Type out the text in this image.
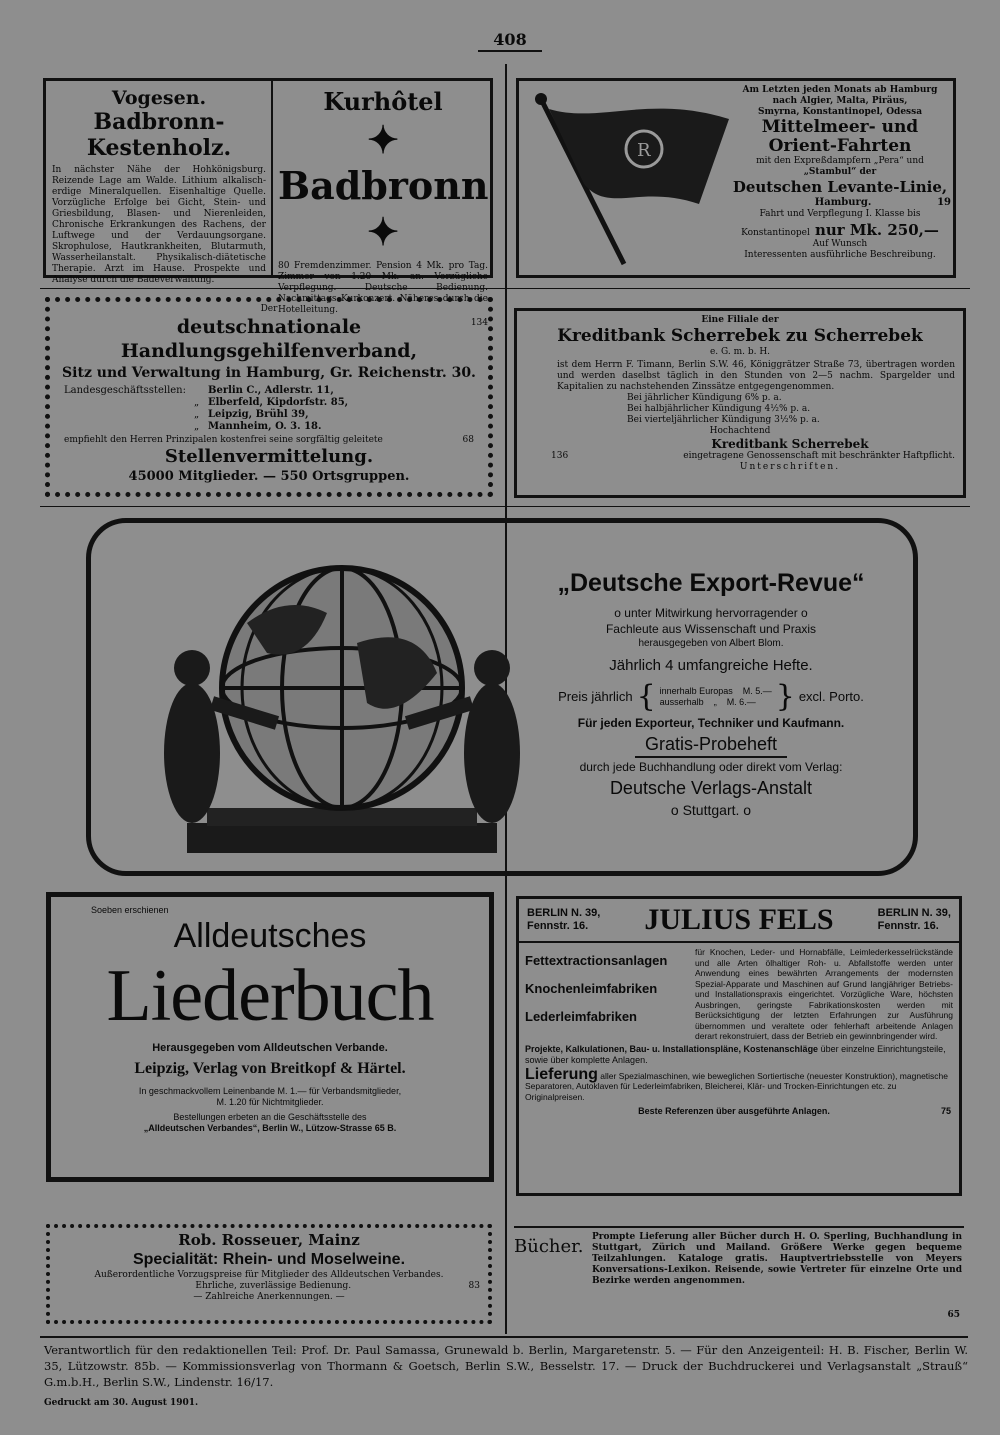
408
Vogesen.
Badbronn-Kestenholz.
In nächster Nähe der Hohkönigsburg. Reizende Lage am Walde. Lithium alkalisch-erdige Mineralquellen. Eisenhaltige Quelle. Vorzügliche Erfolge bei Gicht, Stein- und Griesbildung, Blasen- und Nierenleiden, Chronische Erkrankungen des Rachens, der Luftwege und der Verdauungsorgane. Skrophulose, Hautkrankheiten, Blutarmuth, Wasserheilanstalt. Physikalisch-diätetische Therapie. Arzt im Hause. Prospekte und Analyse durch die Badeverwaltung.
Kurhôtel
✦ Badbronn ✦
80 Fremdenzimmer. Pension 4 Mk. pro Tag. Zimmer von 1.20 Mk. an. Vorzügliche Verpflegung. Deutsche Bedienung. Nachmittags Kurkonzert. Näheres durch die Hotelleitung.
134
R
Am Letzten jeden Monats ab Hamburg
nach Algier, Malta, Piräus,
Smyrna, Konstantinopel, Odessa
Mittelmeer- und
Orient-Fahrten
mit den Expreßdampfern „Pera“ und
„Stambul“ der
Deutschen Levante-Linie,
Hamburg.	19
Fahrt und Verpflegung I. Klasse bis
Konstantinopel nur Mk. 250,—
Auf Wunsch
Interessenten ausführliche Beschreibung.
Der
deutschnationale Handlungsgehilfenverband,
Sitz und Verwaltung in Hamburg, Gr. Reichenstr. 30.
Landesgeschäftsstellen:	Berlin C., Adlerstr. 11,
„ Elberfeld, Kipdorfstr. 85,
„ Leipzig, Brühl 39,
„ Mannheim, O. 3. 18.
empfiehlt den Herren Prinzipalen kostenfrei seine sorgfältig geleitete	68
Stellenvermittelung.
45000 Mitglieder. — 550 Ortsgruppen.
Eine Filiale der
Kreditbank Scherrebek zu Scherrebek
e. G. m. b. H.
ist dem Herrn F. Timann, Berlin S.W. 46, Königgrätzer Straße 73, übertragen worden und werden daselbst täglich in den Stunden von 2—5 nachm. Spargelder und Kapitalien zu nachstehenden Zinssätze entgegengenommen.
Bei jährlicher Kündigung 6% p. a.
Bei halbjährlicher Kündigung 4½% p. a.
Bei vierteljährlicher Kündigung 3½% p. a.
Hochachtend
Kreditbank Scherrebek
136	eingetragene Genossenschaft mit beschränkter Haftpflicht.
Unterschriften.
„Deutsche Export-Revue“
o unter Mitwirkung hervorragender o
Fachleute aus Wissenschaft und Praxis
herausgegeben von Albert Blom.
Jährlich 4 umfangreiche Hefte.
Preis jährlich { innerhalb Europas M. 5.—
ausserhalb „ M. 6.— } excl. Porto.
Für jeden Exporteur, Techniker und Kaufmann.
Gratis-Probeheft
durch jede Buchhandlung oder direkt vom Verlag:
Deutsche Verlags-Anstalt
o Stuttgart. o
Soeben erschienen
Alldeutsches
Liederbuch
Herausgegeben vom Alldeutschen Verbande.
Leipzig, Verlag von Breitkopf & Härtel.
In geschmackvollem Leinenbande M. 1.— für Verbandsmitglieder,
M. 1.20 für Nichtmitglieder.
Bestellungen erbeten an die Geschäftsstelle des
„Alldeutschen Verbandes“, Berlin W., Lützow-Strasse 65 B.
BERLIN N. 39,
Fennstr. 16.	JULIUS FELS	BERLIN N. 39,
Fennstr. 16.
Fettextractionsanlagen
Knochenleimfabriken
Lederleimfabriken
für Knochen, Leder- und Hornabfälle, Leimlederkesselrückstände und alle Arten ölhaltiger Roh- u. Abfallstoffe werden unter Anwendung eines bewährten Arrangements der modernsten Spezial-Apparate und Maschinen auf Grund langjähriger Betriebs- und Installationspraxis eingerichtet. Vorzügliche Ware, höchsten Ausbringen, geringste Fabrikationskosten werden mit Berücksichtigung der letzten Erfahrungen zur Ausführung übernommen und veraltete oder fehlerhaft arbeitende Anlagen derart rekonstruiert, dass der Betrieb ein gewinnbringender wird.
Projekte, Kalkulationen, Bau- u. Installationspläne, Kostenanschläge über einzelne Einrichtungsteile, sowie über komplette Anlagen.
Lieferung aller Spezialmaschinen, wie beweglichen Sortiertische (neuester Konstruktion), magnetische Separatoren, Autoklaven für Lederleimfabriken, Bleicherei, Klär- und Trocken-Einrichtungen etc. zu Originalpreisen.
Beste Referenzen über ausgeführte Anlagen.	75
Rob. Rosseuer, Mainz
Specialität: Rhein- und Moselweine.
Außerordentliche Vorzugspreise für Mitglieder des Alldeutschen Verbandes.
Ehrliche, zuverlässige Bedienung.	83
— Zahlreiche Anerkennungen. —
Bücher. Prompte Lieferung aller Bücher durch H. O. Sperling, Buchhandlung in Stuttgart, Zürich und Mailand. Größere Werke gegen bequeme Teilzahlungen. Kataloge gratis. Hauptvertriebsstelle von Meyers Konversations-Lexikon. Reisende, sowie Vertreter für einzelne Orte und Bezirke werden angenommen.
65
Verantwortlich für den redaktionellen Teil: Prof. Dr. Paul Samassa, Grunewald b. Berlin, Margaretenstr. 5. — Für den Anzeigenteil: H. B. Fischer, Berlin W. 35, Lützowstr. 85b. — Kommissionsverlag von Thormann & Goetsch, Berlin S.W., Besselstr. 17. — Druck der Buchdruckerei und Verlagsanstalt „Strauß“ G.m.b.H., Berlin S.W., Lindenstr. 16/17.
Gedruckt am 30. August 1901.
